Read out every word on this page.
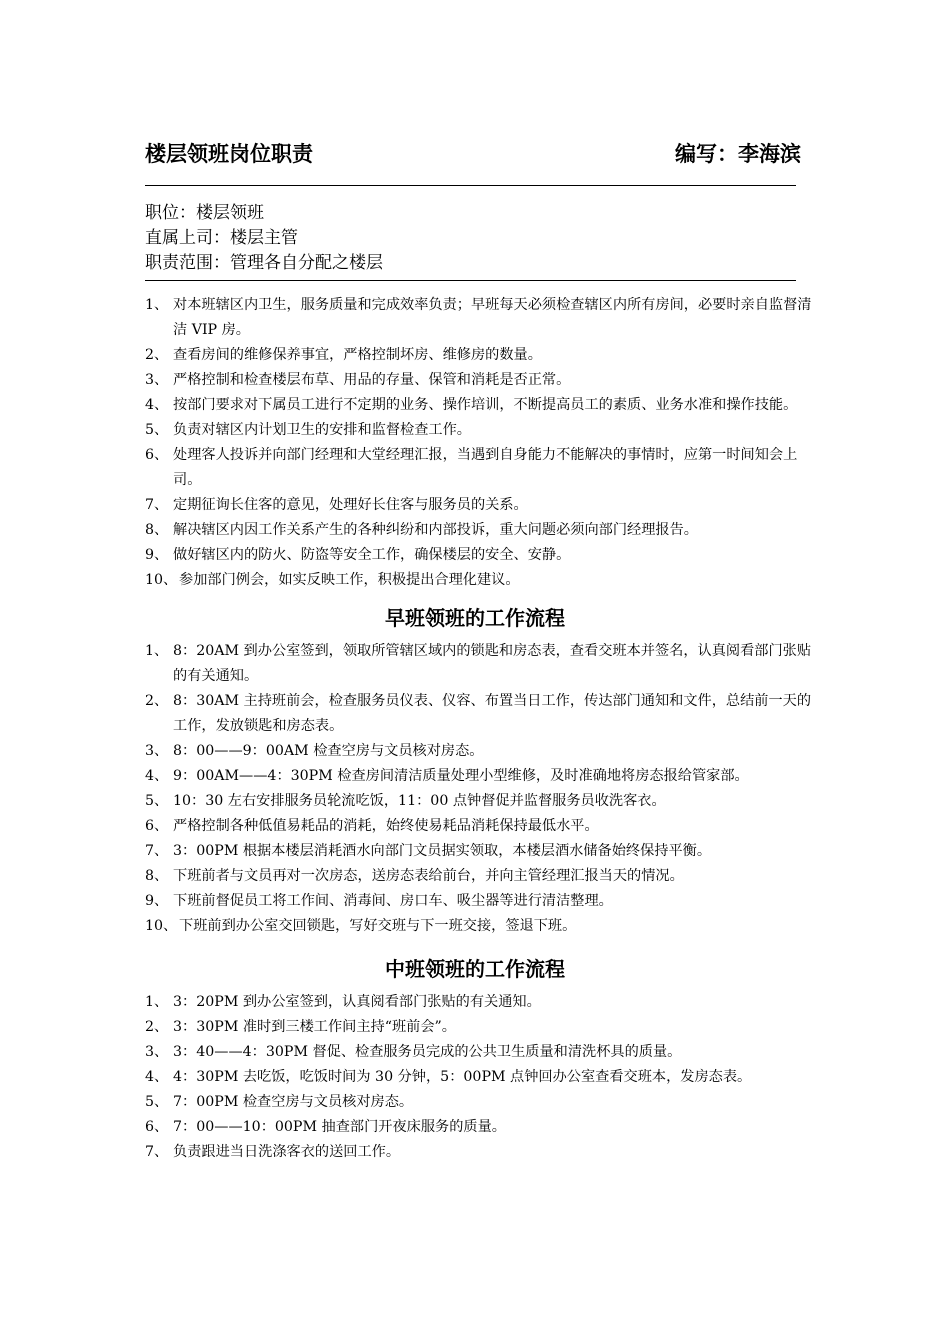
楼层领班岗位职责	编写：李海滨
职位：楼层领班
直属上司：楼层主管
职责范围：管理各自分配之楼层
1、 对本班辖区内卫生，服务质量和完成效率负责；早班每天必须检查辖区内所有房间，必要时亲自监督清洁 VIP 房。
2、 查看房间的维修保养事宜，严格控制坏房、维修房的数量。
3、 严格控制和检查楼层布草、用品的存量、保管和消耗是否正常。
4、 按部门要求对下属员工进行不定期的业务、操作培训，不断提高员工的素质、业务水准和操作技能。
5、 负责对辖区内计划卫生的安排和监督检查工作。
6、 处理客人投诉并向部门经理和大堂经理汇报，当遇到自身能力不能解决的事情时，应第一时间知会上司。
7、 定期征询长住客的意见，处理好长住客与服务员的关系。
8、 解决辖区内因工作关系产生的各种纠纷和内部投诉，重大问题必须向部门经理报告。
9、 做好辖区内的防火、防盗等安全工作，确保楼层的安全、安静。
10、 参加部门例会，如实反映工作，积极提出合理化建议。
早班领班的工作流程
1、 8：20AM 到办公室签到，领取所管辖区域内的锁匙和房态表，查看交班本并签名，认真阅看部门张贴的有关通知。
2、 8：30AM 主持班前会，检查服务员仪表、仪容、布置当日工作，传达部门通知和文件，总结前一天的工作，发放锁匙和房态表。
3、 8：00——9：00AM 检查空房与文员核对房态。
4、 9：00AM——4：30PM 检查房间清洁质量处理小型维修，及时准确地将房态报给管家部。
5、 10：30 左右安排服务员轮流吃饭，11：00 点钟督促并监督服务员收洗客衣。
6、 严格控制各种低值易耗品的消耗，始终使易耗品消耗保持最低水平。
7、 3：00PM 根据本楼层消耗酒水向部门文员据实领取，本楼层酒水储备始终保持平衡。
8、 下班前者与文员再对一次房态，送房态表给前台，并向主管经理汇报当天的情况。
9、 下班前督促员工将工作间、消毒间、房口车、吸尘器等进行清洁整理。
10、 下班前到办公室交回锁匙，写好交班与下一班交接，签退下班。
中班领班的工作流程
1、 3：20PM 到办公室签到，认真阅看部门张贴的有关通知。
2、 3：30PM 准时到三楼工作间主持“班前会”。
3、 3：40——4：30PM 督促、检查服务员完成的公共卫生质量和清洗杯具的质量。
4、 4：30PM 去吃饭，吃饭时间为 30 分钟，5：00PM 点钟回办公室查看交班本，发房态表。
5、 7：00PM 检查空房与文员核对房态。
6、 7：00——10：00PM 抽查部门开夜床服务的质量。
7、 负责跟进当日洗涤客衣的送回工作。
